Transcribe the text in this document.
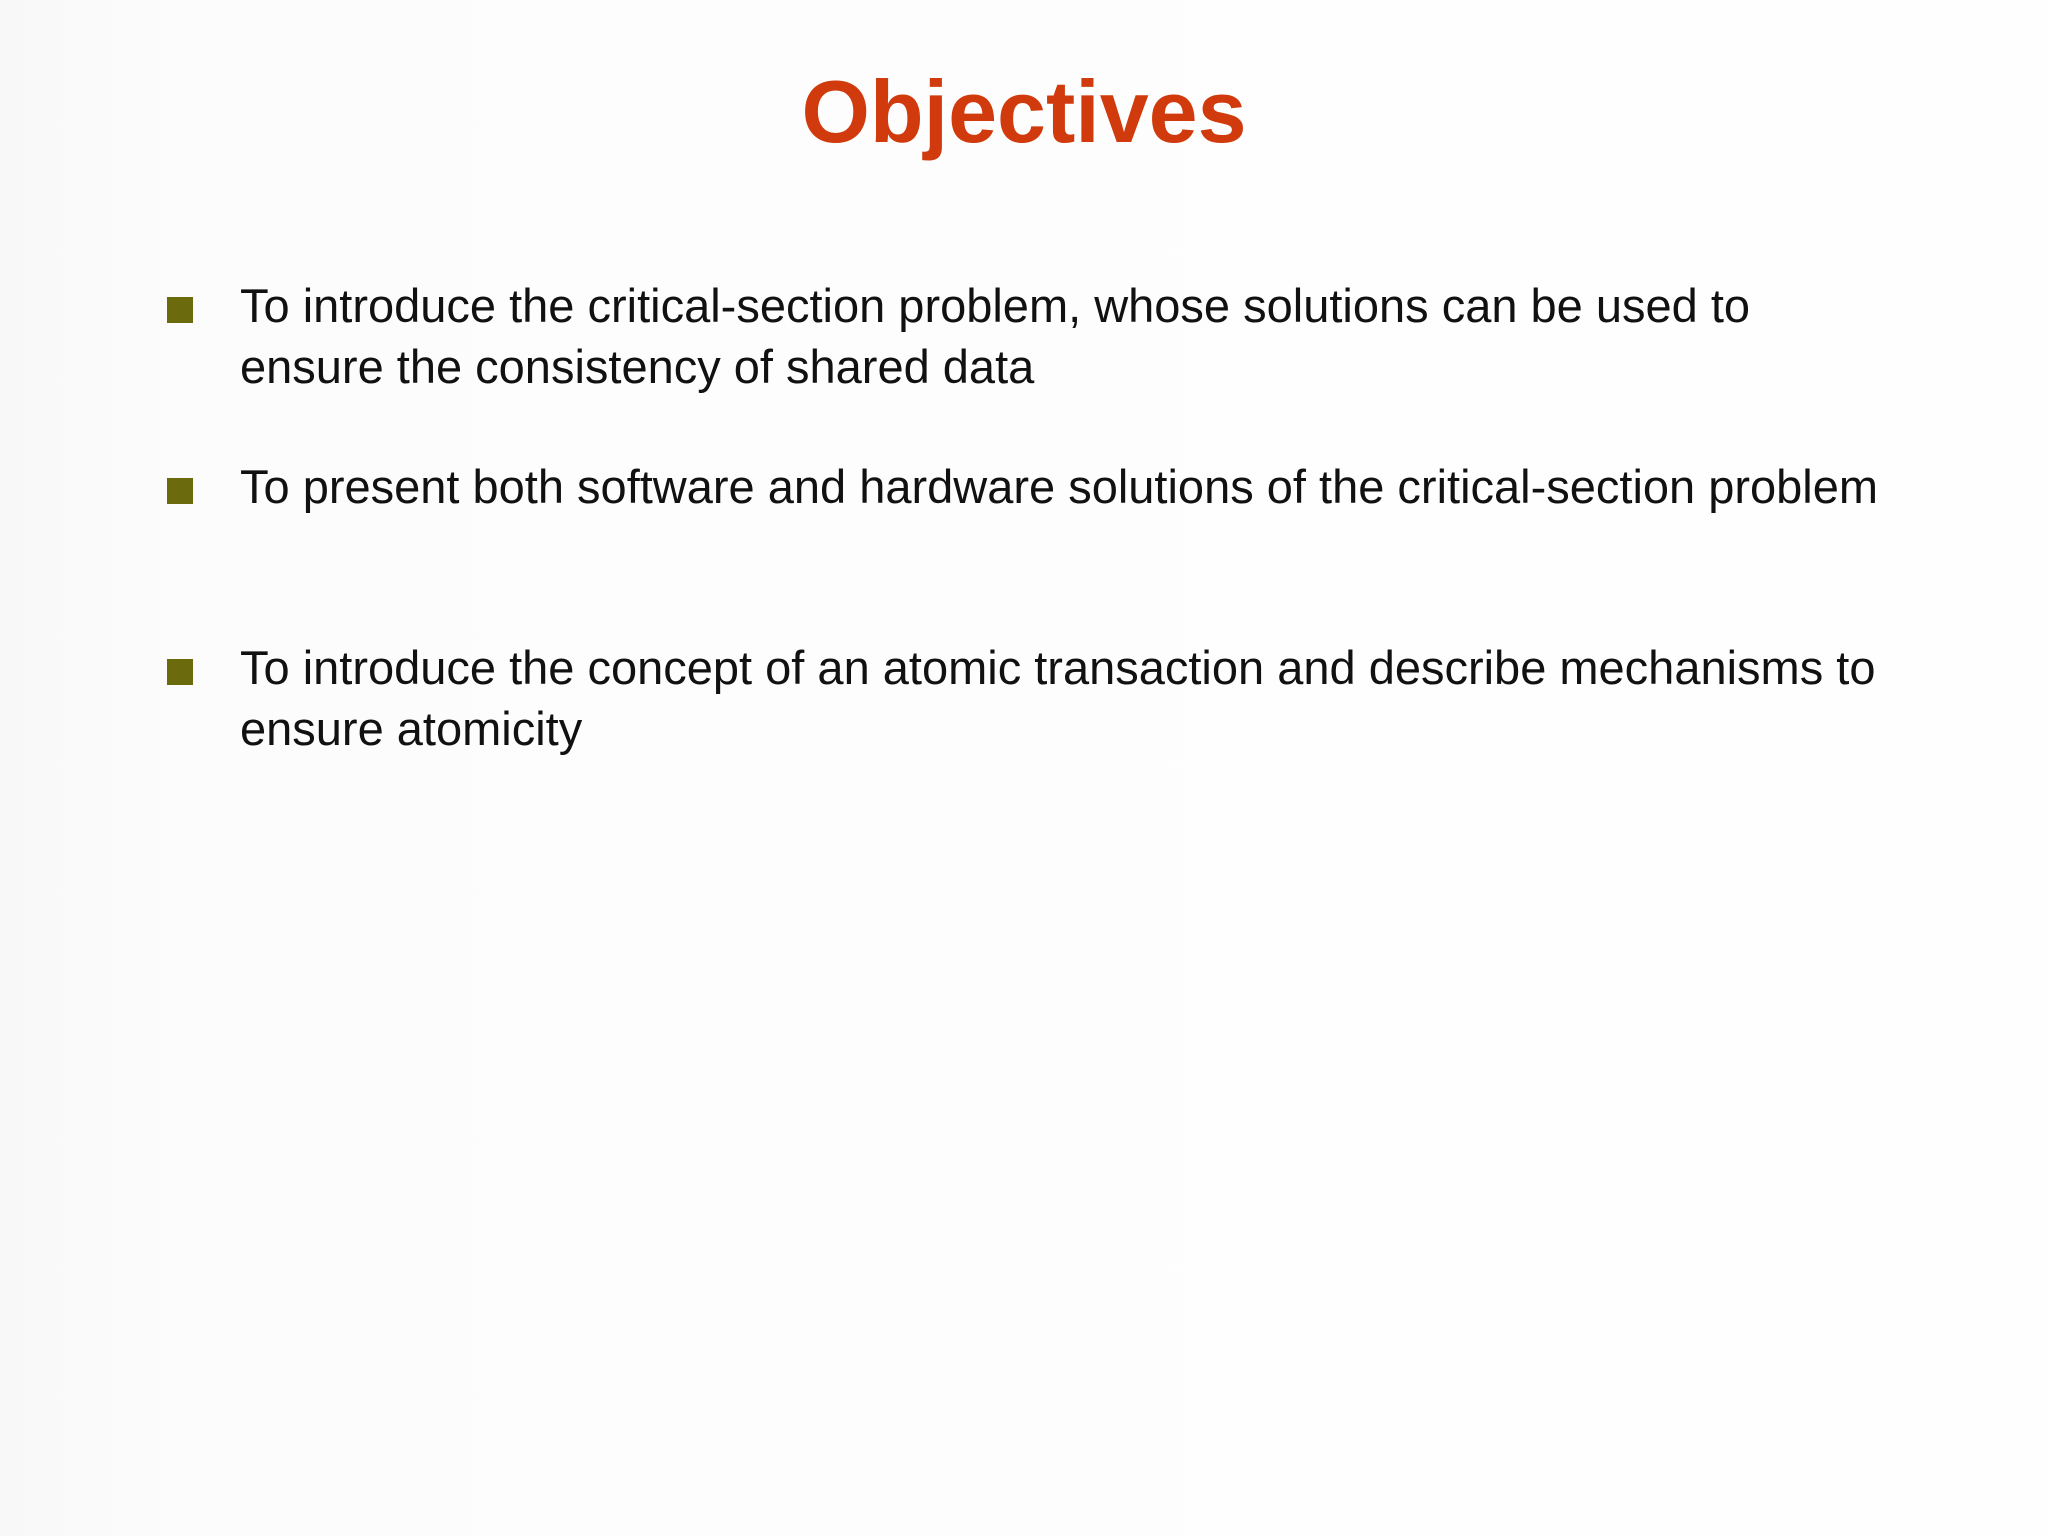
Objectives
To introduce the critical-section problem, whose solutions can be used to ensure the consistency of shared data
To present both software and hardware solutions of the critical-section problem
To introduce the concept of an atomic transaction and describe mechanisms to ensure atomicity
